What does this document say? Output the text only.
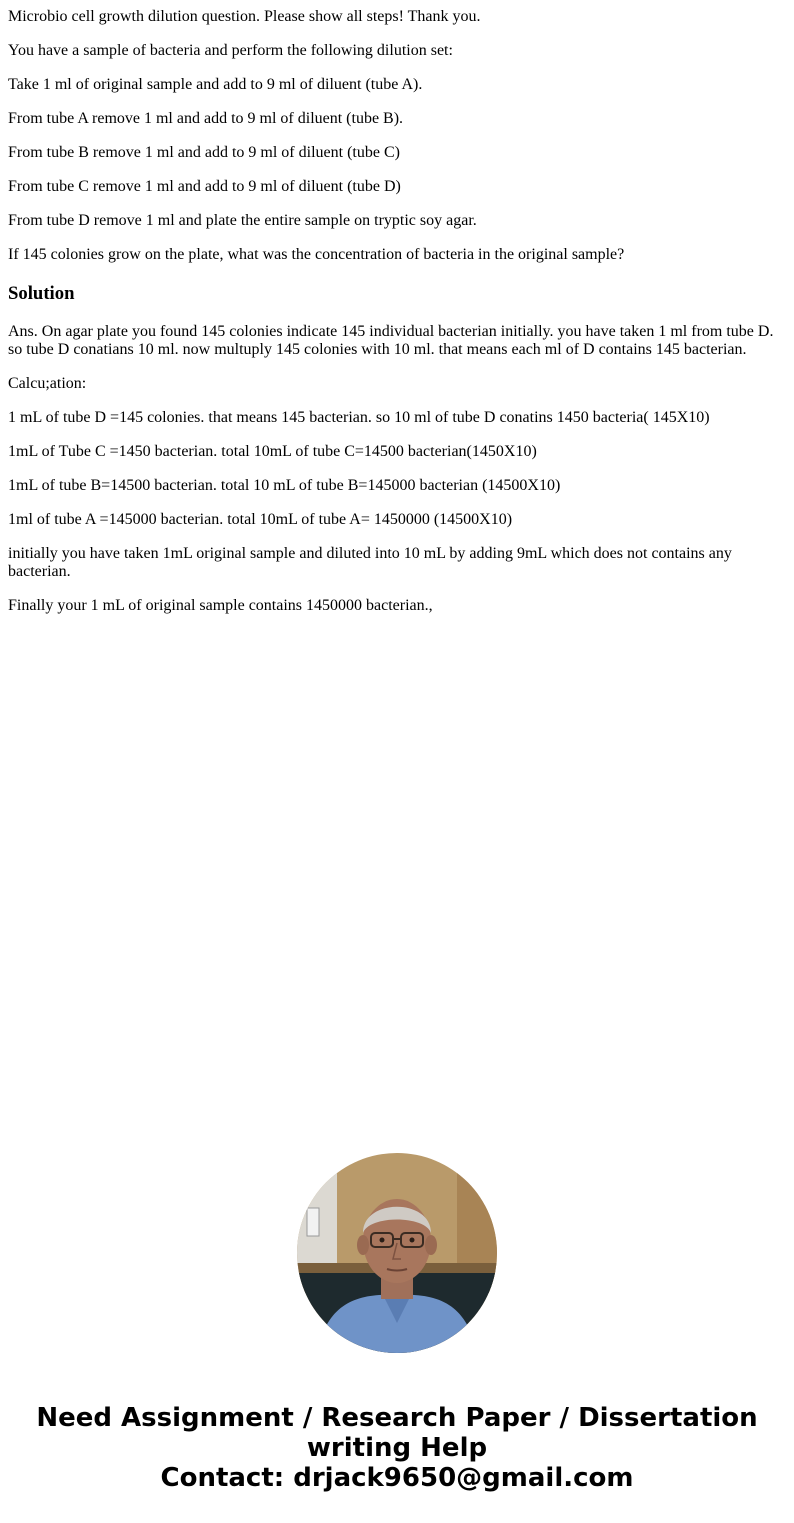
Microbio cell growth dilution question. Please show all steps! Thank you.

You have a sample of bacteria and perform the following dilution set:

Take 1 ml of original sample and add to 9 ml of diluent (tube A).

From tube A remove 1 ml and add to 9 ml of diluent (tube B).

From tube B remove 1 ml and add to 9 ml of diluent (tube C)

From tube C remove 1 ml and add to 9 ml of diluent (tube D)

From tube D remove 1 ml and plate the entire sample on tryptic soy agar.

If 145 colonies grow on the plate, what was the concentration of bacteria in the original sample?

Solution

Ans. On agar plate you found 145 colonies indicate 145 individual bacterian initially. you have taken 1 ml from tube D. so tube D conatians 10 ml. now multuply 145 colonies with 10 ml. that means each ml of D contains 145 bacterian.

Calcu;ation:

1 mL of tube D =145 colonies. that means 145 bacterian. so 10 ml of tube D conatins 1450 bacteria( 145X10)

1mL of Tube C =1450 bacterian. total 10mL of tube C=14500 bacterian(1450X10)

1mL of tube B=14500 bacterian. total 10 mL of tube B=145000 bacterian (14500X10)

1ml of tube A =145000 bacterian. total 10mL of tube A= 1450000 (14500X10)

initially you have taken 1mL original sample and diluted into 10 mL by adding 9mL which does not contains any bacterian.

Finally your 1 mL of original sample contains 1450000 bacterian.,

Need Assignment / Research Paper / Dissertation
writing Help
Contact: drjack9650@gmail.com
